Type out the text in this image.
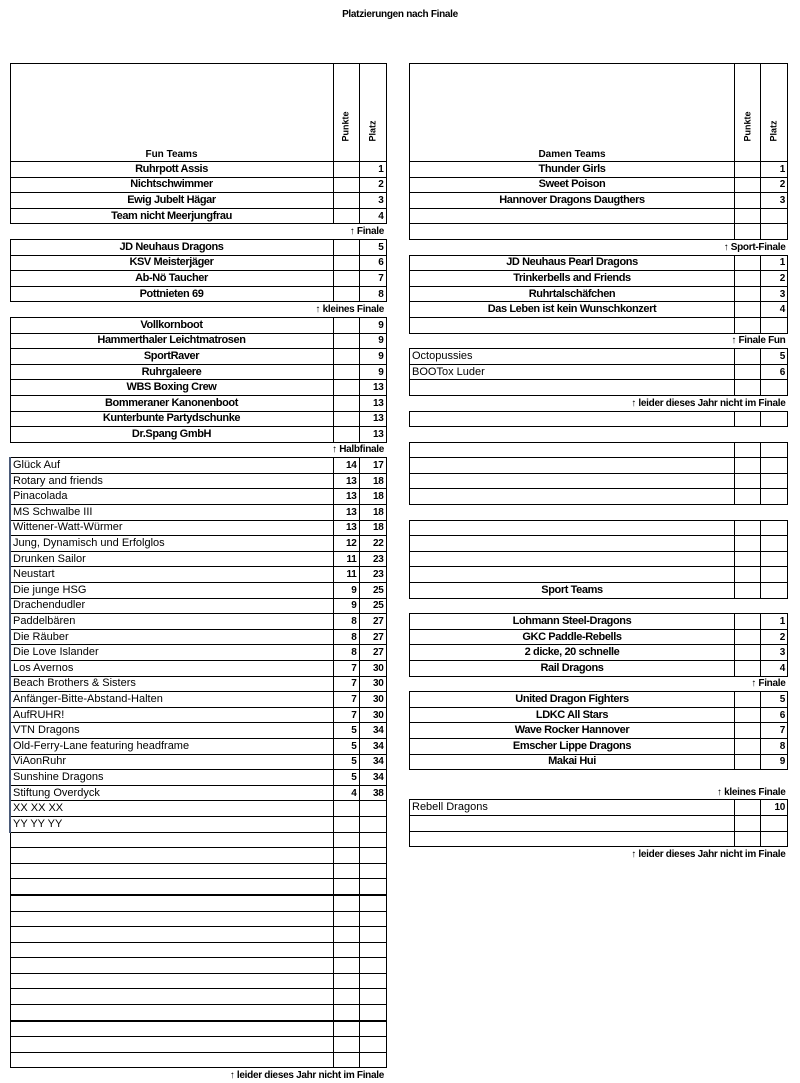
Platzierungen nach Finale
Fun Teams	Punkte	Platz

Ruhrpott Assis		1
Nichtschwimmer		2
Ewig Jubelt Hägar		3
Team nicht Meerjungfrau		4
↑ Finale		
JD Neuhaus Dragons		5
KSV Meisterjäger		6
Ab-Nö Taucher		7
Pottnieten 69		8
↑ kleines Finale		
Vollkornboot		9
Hammerthaler Leichtmatrosen		9
SportRaver		9
Ruhrgaleere		9
WBS Boxing Crew		13
Bommeraner Kanonenboot		13
Kunterbunte Partydschunke		13
Dr.Spang GmbH		13
↑ Halbfinale		
Glück Auf	14	17
Rotary and friends	13	18
Pinacolada	13	18
MS Schwalbe III	13	18
Wittener-Watt-Würmer	13	18
Jung, Dynamisch und Erfolglos	12	22
Drunken Sailor	11	23
Neustart	11	23
Die junge HSG	9	25
Drachendudler	9	25
Paddelbären	8	27
Die Räuber	8	27
Die Love Islander	8	27
Los Avernos	7	30
Beach Brothers & Sisters	7	30
Anfänger-Bitte-Abstand-Halten	7	30
AufRUHR!	7	30
VTN Dragons	5	34
Old-Ferry-Lane featuring headframe	5	34
ViAonRuhr	5	34
Sunshine Dragons	5	34
Stiftung Overdyck	4	38
XX XX XX		
YY YY YY		

↑ leider dieses Jahr nicht im Finale		
Damen Teams	Punkte	Platz

Thunder Girls		1
Sweet Poison		2
Hannover Dragons Daugthers		3

↑ Sport-Finale		
JD Neuhaus Pearl Dragons		1
Trinkerbells and Friends		2
Ruhrtalschäfchen		3
Das Leben ist kein Wunschkonzert		4

↑ Finale Fun		
Octopussies		5
BOOTox Luder		6

↑ leider dieses Jahr nicht im Finale		

Sport Teams		

Lohmann Steel-Dragons		1
GKC Paddle-Rebells		2
2 dicke, 20 schnelle		3
Rail Dragons		4
↑ Finale		
United Dragon Fighters		5
LDKC All Stars		6
Wave Rocker Hannover		7
Emscher Lippe Dragons		8
Makai Hui		9

↑ kleines Finale		
Rebell Dragons		10

↑ leider dieses Jahr nicht im Finale		
